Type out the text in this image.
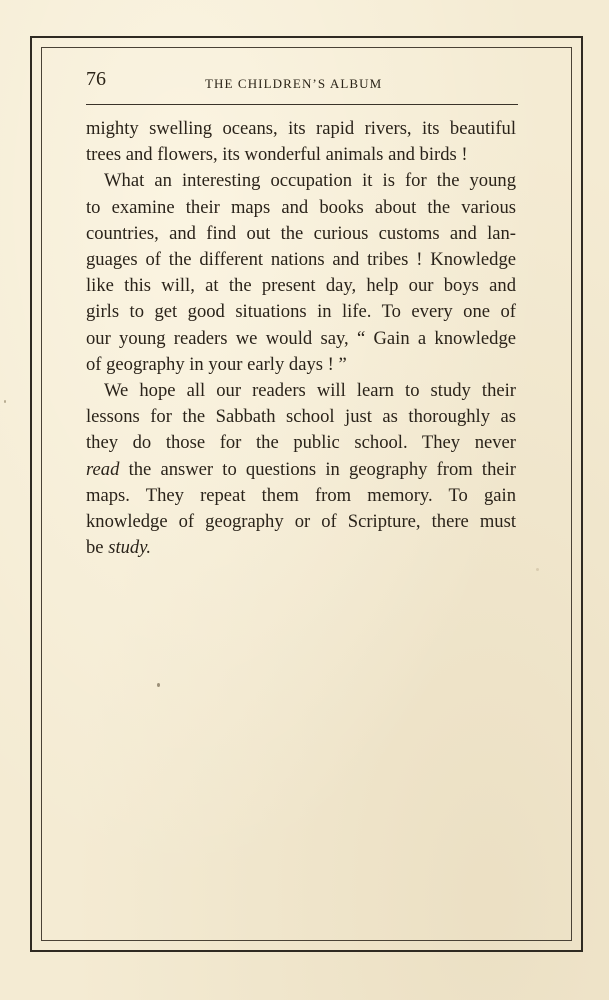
76	THE CHILDREN’S ALBUM

mighty swelling oceans, its rapid rivers, its beautiful
trees and flowers, its wonderful animals and birds !

What an interesting occupation it is for the young
to examine their maps and books about the various
countries, and find out the curious customs and lan-
guages of the different nations and tribes ! Knowledge
like this will, at the present day, help our boys and
girls to get good situations in life. To every one of
our young readers we would say, “ Gain a knowledge
of geography in your early days ! ”

We hope all our readers will learn to study their
lessons for the Sabbath school just as thoroughly as
they do those for the public school. They never
read the answer to questions in geography from their
maps. They repeat them from memory. To gain
knowledge of geography or of Scripture, there must
be study.
